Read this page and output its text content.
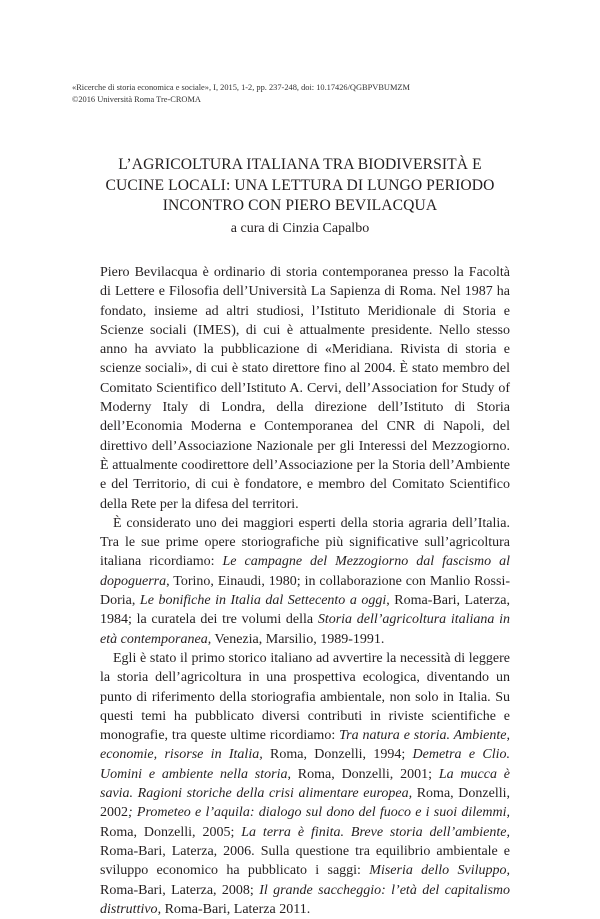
«Ricerche di storia economica e sociale», I, 2015, 1-2, pp. 237-248, doi: 10.17426/QGBPVBUMZM
©2016 Università Roma Tre-CROMA
L’AGRICOLTURA ITALIANA TRA BIODIVERSITÀ E
CUCINE LOCALI: UNA LETTURA DI LUNGO PERIODO
INCONTRO CON PIERO BEVILACQUA
a cura di Cinzia Capalbo

Piero Bevilacqua è ordinario di storia contemporanea presso la Facoltà di Lettere e Filosofia dell’Università La Sapienza di Roma. Nel 1987 ha fondato, insieme ad altri studiosi, l’Istituto Meridionale di Storia e Scienze sociali (IMES), di cui è attualmente presidente. Nello stesso anno ha avviato la pubblicazione di «Meridiana. Rivista di storia e scienze sociali», di cui è stato direttore fino al 2004. È stato membro del Comitato Scientifico dell’Istituto A. Cervi, dell’Association for Study of Moderny Italy di Londra, della direzione dell’Istituto di Storia dell’Economia Moderna e Contemporanea del CNR di Napoli, del direttivo dell’Associazione Nazionale per gli Interessi del Mezzogiorno. È attualmente coodirettore dell’Associazione per la Storia dell’Ambiente e del Territorio, di cui è fondatore, e membro del Comitato Scientifico della Rete per la difesa del territori.

È considerato uno dei maggiori esperti della storia agraria dell’Italia. Tra le sue prime opere storiografiche più significative sull’agricoltura italiana ricordiamo: Le campagne del Mezzogiorno dal fascismo al dopoguerra, Torino, Einaudi, 1980; in collaborazione con Manlio Rossi-Doria, Le bonifiche in Italia dal Settecento a oggi, Roma-Bari, Laterza, 1984; la curatela dei tre volumi della Storia dell’agricoltura italiana in età contemporanea, Venezia, Marsilio, 1989-1991.

Egli è stato il primo storico italiano ad avvertire la necessità di leggere la storia dell’agricoltura in una prospettiva ecologica, diventando un punto di riferimento della storiografia ambientale, non solo in Italia. Su questi temi ha pubblicato diversi contributi in riviste scientifiche e monografie, tra queste ultime ricordiamo: Tra natura e storia. Ambiente, economie, risorse in Italia, Roma, Donzelli, 1994; Demetra e Clio. Uomini e ambiente nella storia, Roma, Donzelli, 2001; La mucca è savia. Ragioni storiche della crisi alimentare europea, Roma, Donzelli, 2002; Prometeo e l’aquila: dialogo sul dono del fuoco e i suoi dilemmi, Roma, Donzelli, 2005; La terra è finita. Breve storia dell’ambiente, Roma-Bari, Laterza, 2006. Sulla questione tra equilibrio ambientale e sviluppo economico ha pubblicato i saggi: Miseria dello Sviluppo, Roma-Bari, Laterza, 2008; Il grande saccheggio: l’età del capitalismo distruttivo, Roma-Bari, Laterza 2011.
